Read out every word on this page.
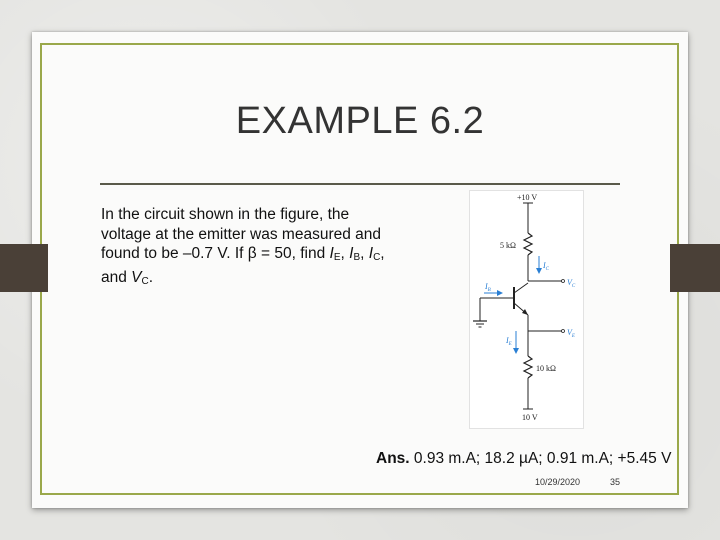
EXAMPLE 6.2
In the circuit shown in the figure, the
voltage at the emitter was measured and
found to be –0.7 V. If β = 50, find $I_E$, $I_B$, $I_C$,
and $V_C$.
+10 V
5 kΩ
$I_C$
$V_C$
$I_B$
$V_E$
$I_E$
10 kΩ
10 V
Ans. 0.93 m.A; 18.2 µA; 0.91 m.A; +5.45 V
10/29/2020	35
